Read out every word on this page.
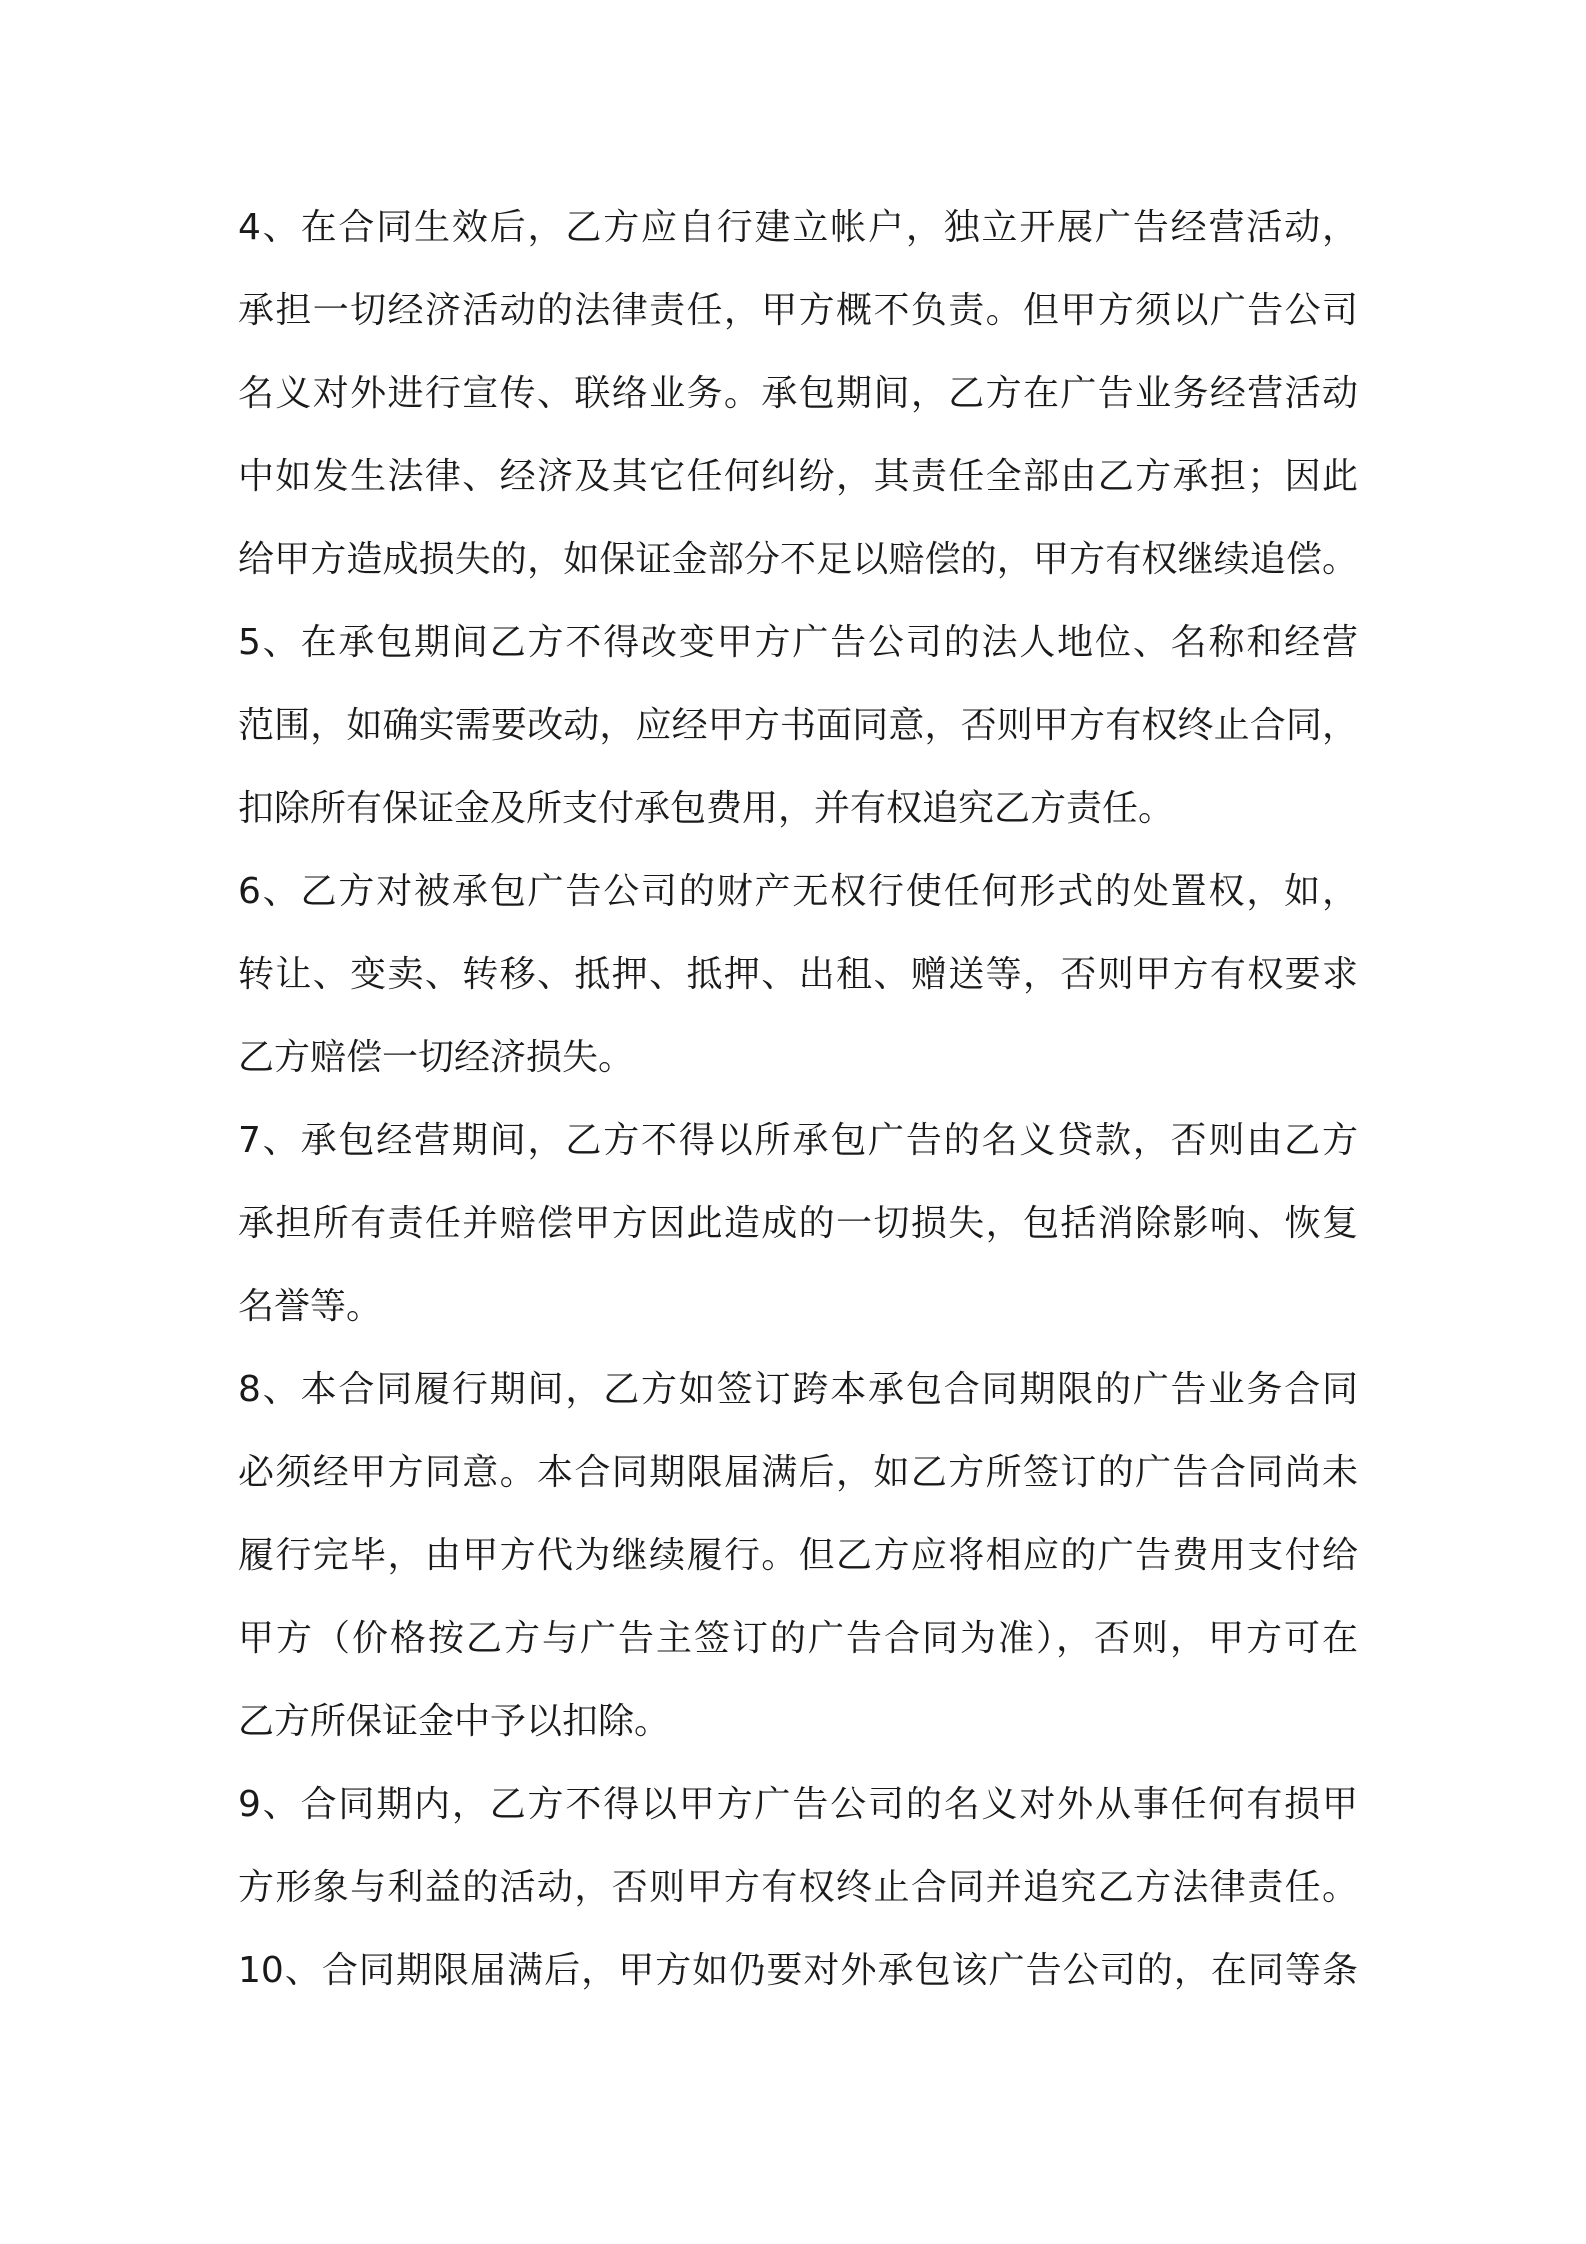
4、在合同生效后，乙方应自行建立帐户，独立开展广告经营活动，
承担一切经济活动的法律责任，甲方概不负责。但甲方须以广告公司
名义对外进行宣传、联络业务。承包期间，乙方在广告业务经营活动
中如发生法律、经济及其它任何纠纷，其责任全部由乙方承担；因此
给甲方造成损失的，如保证金部分不足以赔偿的，甲方有权继续追偿。
5、在承包期间乙方不得改变甲方广告公司的法人地位、名称和经营
范围，如确实需要改动，应经甲方书面同意，否则甲方有权终止合同，
扣除所有保证金及所支付承包费用，并有权追究乙方责任。
6、乙方对被承包广告公司的财产无权行使任何形式的处置权，如，
转让、变卖、转移、抵押、抵押、出租、赠送等，否则甲方有权要求
乙方赔偿一切经济损失。
7、承包经营期间，乙方不得以所承包广告的名义贷款，否则由乙方
承担所有责任并赔偿甲方因此造成的一切损失，包括消除影响、恢复
名誉等。
8、本合同履行期间，乙方如签订跨本承包合同期限的广告业务合同
必须经甲方同意。本合同期限届满后，如乙方所签订的广告合同尚未
履行完毕，由甲方代为继续履行。但乙方应将相应的广告费用支付给
甲方（价格按乙方与广告主签订的广告合同为准），否则，甲方可在
乙方所保证金中予以扣除。
9、合同期内，乙方不得以甲方广告公司的名义对外从事任何有损甲
方形象与利益的活动，否则甲方有权终止合同并追究乙方法律责任。
10、合同期限届满后，甲方如仍要对外承包该广告公司的，在同等条
